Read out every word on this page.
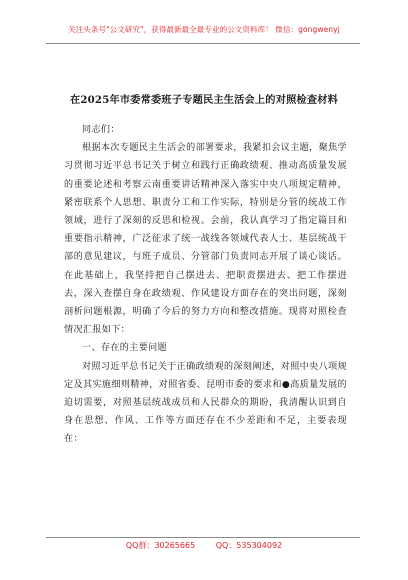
关注头条号"公文研究"，获得最新最全最专业的公文资料库！ 微信：gongwenyj
在2025年市委常委班子专题民主生活会上的对照检查材料
同志们：

根据本次专题民主生活会的部署要求，我紧扣会议主题，聚焦学习贯彻习近平总书记关于树立和践行正确政绩观、推动高质量发展的重要论述和考察云南重要讲话精神深入落实中央八项规定精神，紧密联系个人思想、职责分工和工作实际，特别是分管的统战工作领域，进行了深刻的反思和检视。会前，我认真学习了指定篇目和重要指示精神，广泛征求了统一战线各领域代表人士、基层统战干部的意见建议，与班子成员、分管部门负责同志开展了谈心谈话。在此基础上，我坚持把自己摆进去、把职责摆进去、把工作摆进去，深入查摆自身在政绩观、作风建设方面存在的突出问题，深刻剖析问题根源，明确了今后的努力方向和整改措施。现将对照检查情况汇报如下：

一、存在的主要问题

对照习近平总书记关于正确政绩观的深刻阐述，对照中央八项规定及其实施细则精神，对照省委、昆明市委的要求和●高质量发展的迫切需要，对照基层统战成员和人民群众的期盼，我清醒认识到自身在思想、作风、工作等方面还存在不少差距和不足，主要表现在：

QQ群：30265665	QQ：535304092
